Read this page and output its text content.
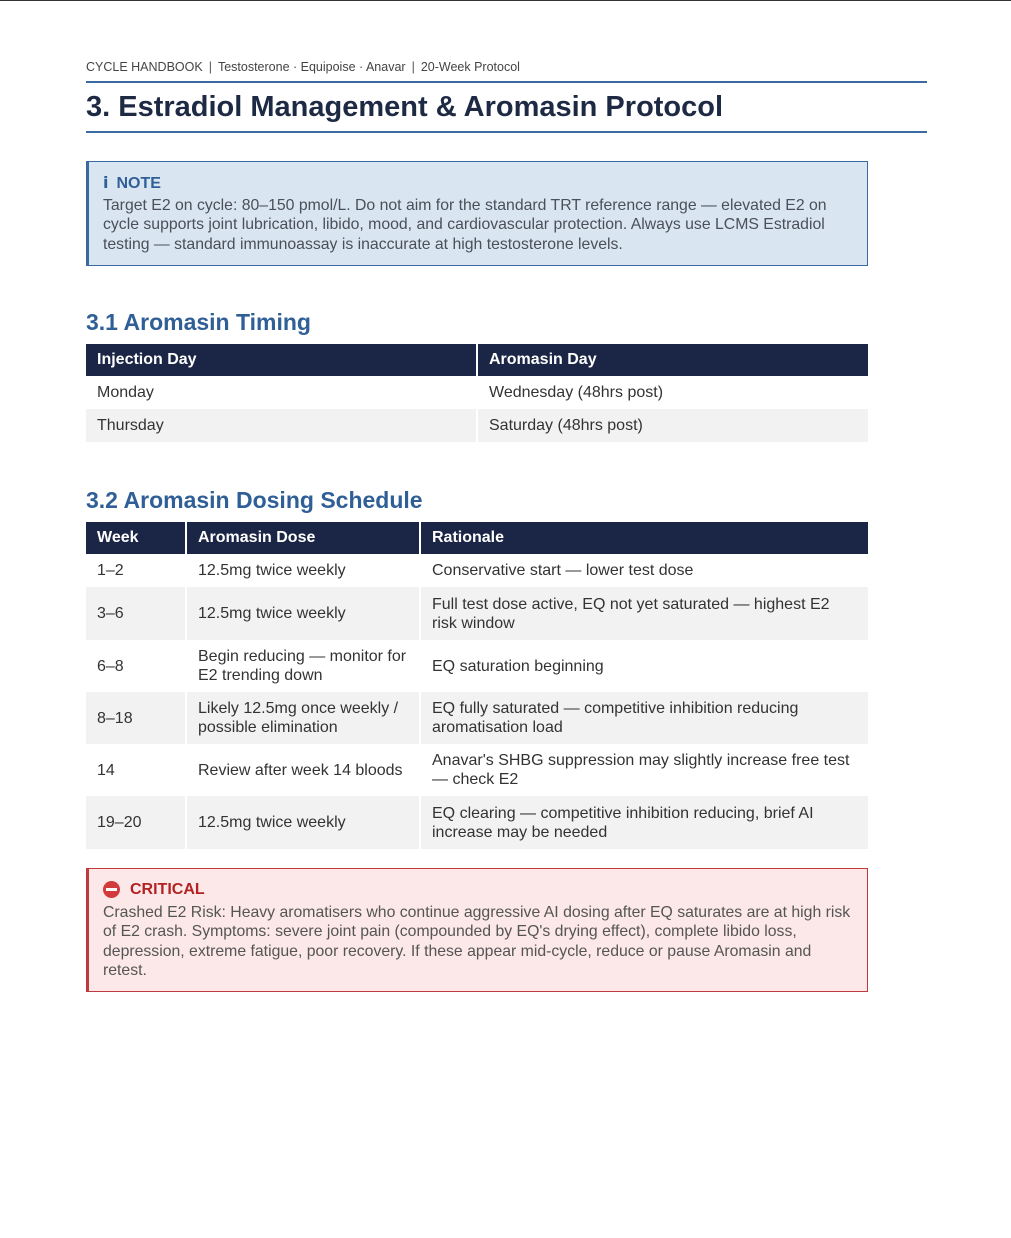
CYCLE HANDBOOK | Testosterone · Equipoise · Anavar | 20-Week Protocol
3. Estradiol Management & Aromasin Protocol
i NOTE
Target E2 on cycle: 80–150 pmol/L. Do not aim for the standard TRT reference range — elevated E2 on cycle supports joint lubrication, libido, mood, and cardiovascular protection. Always use LCMS Estradiol testing — standard immunoassay is inaccurate at high testosterone levels.
3.1 Aromasin Timing
Injection Day	Aromasin Day
Monday	Wednesday (48hrs post)
Thursday	Saturday (48hrs post)
3.2 Aromasin Dosing Schedule
Week	Aromasin Dose	Rationale
1–2	12.5mg twice weekly	Conservative start — lower test dose
3–6	12.5mg twice weekly	Full test dose active, EQ not yet saturated — highest E2 risk window
6–8	Begin reducing — monitor for E2 trending down	EQ saturation beginning
8–18	Likely 12.5mg once weekly / possible elimination	EQ fully saturated — competitive inhibition reducing aromatisation load
14	Review after week 14 bloods	Anavar's SHBG suppression may slightly increase free test — check E2
19–20	12.5mg twice weekly	EQ clearing — competitive inhibition reducing, brief AI increase may be needed
CRITICAL
Crashed E2 Risk: Heavy aromatisers who continue aggressive AI dosing after EQ saturates are at high risk of E2 crash. Symptoms: severe joint pain (compounded by EQ's drying effect), complete libido loss, depression, extreme fatigue, poor recovery. If these appear mid-cycle, reduce or pause Aromasin and retest.
